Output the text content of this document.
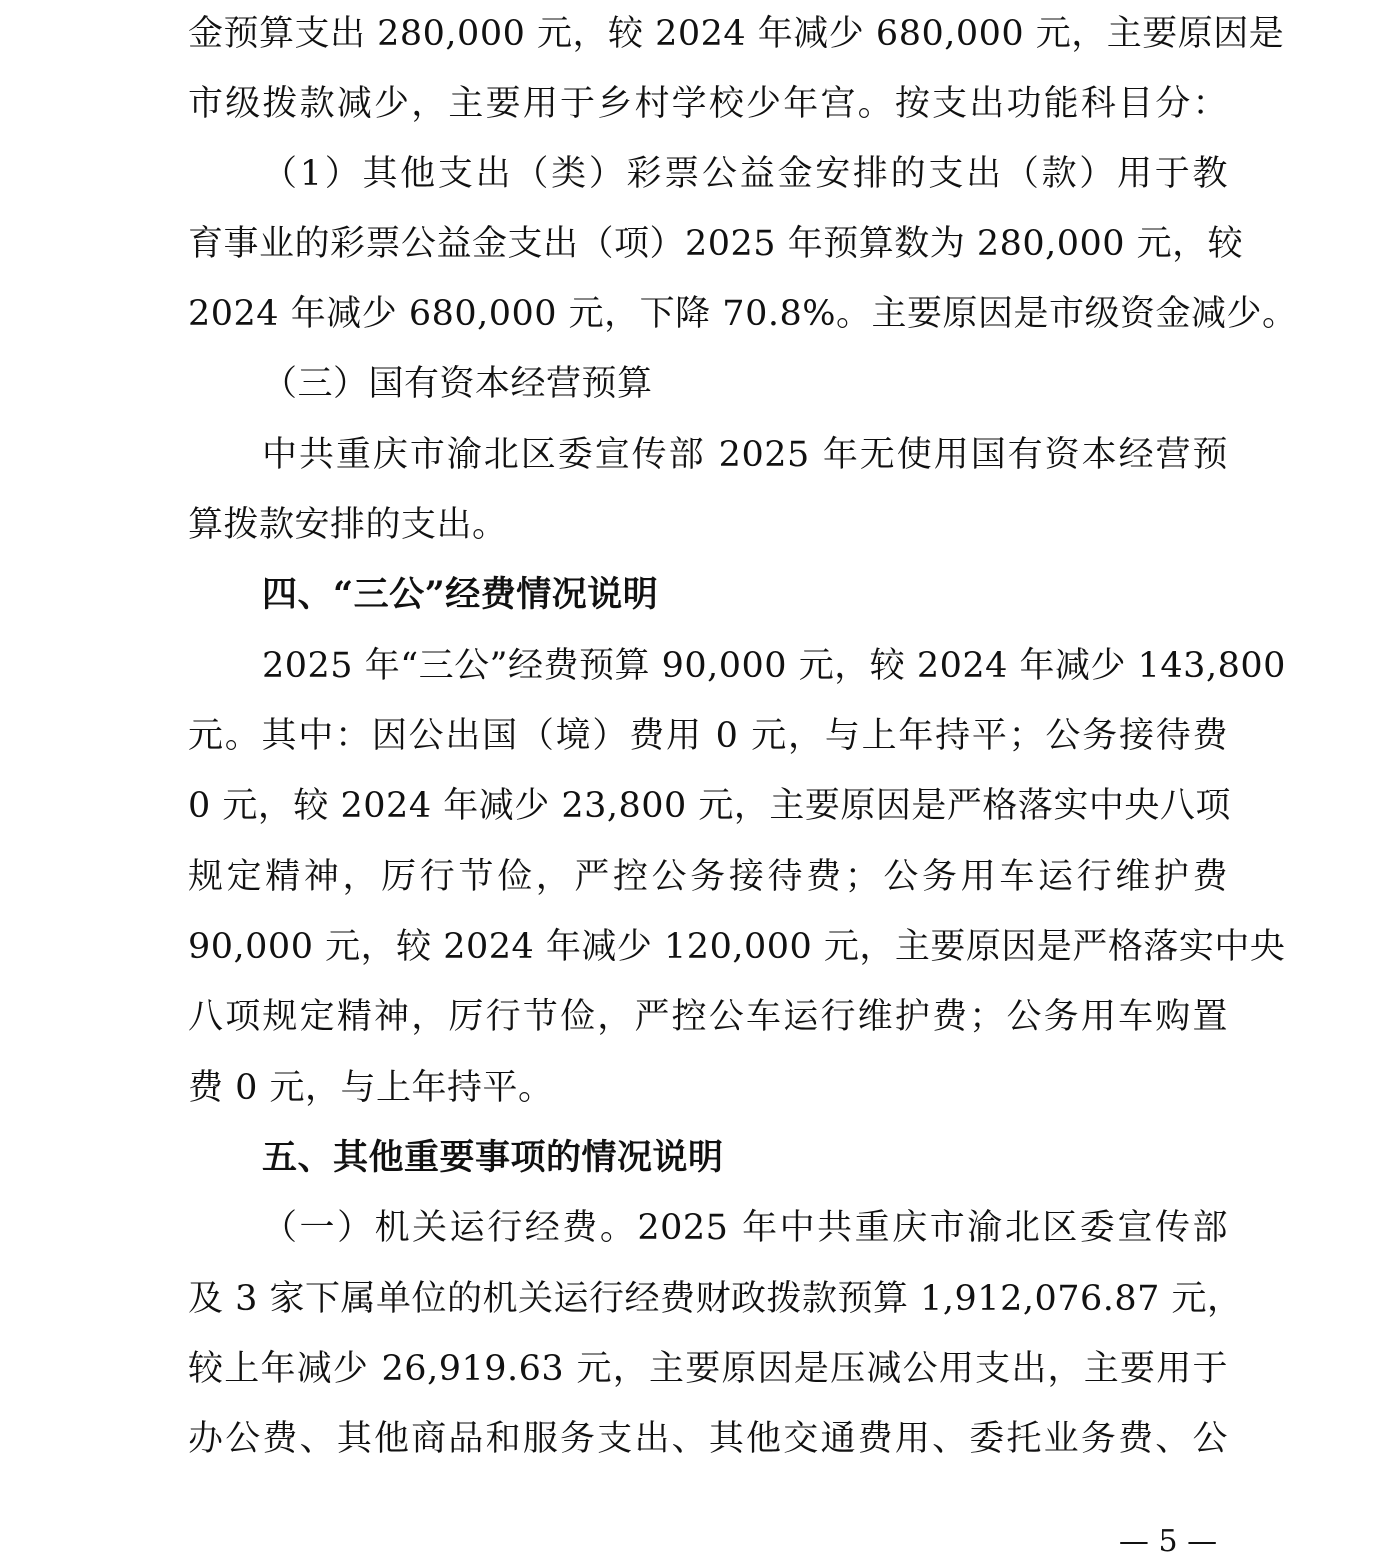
金预算支出 280,000 元，较 2024 年减少 680,000 元，主要原因是
市级拨款减少，主要用于乡村学校少年宫。按支出功能科目分：
（1）其他支出（类）彩票公益金安排的支出（款）用于教
育事业的彩票公益金支出（项）2025 年预算数为 280,000 元，较
2024 年减少 680,000 元，下降 70.8%。主要原因是市级资金减少。
（三）国有资本经营预算
中共重庆市渝北区委宣传部 2025 年无使用国有资本经营预
算拨款安排的支出。
四、“三公”经费情况说明
2025 年“三公”经费预算 90,000 元，较 2024 年减少 143,800
元。其中：因公出国（境）费用 0 元，与上年持平；公务接待费
0 元，较 2024 年减少 23,800 元，主要原因是严格落实中央八项
规定精神，厉行节俭，严控公务接待费；公务用车运行维护费
90,000 元，较 2024 年减少 120,000 元，主要原因是严格落实中央
八项规定精神，厉行节俭，严控公车运行维护费；公务用车购置
费 0 元，与上年持平。
五、其他重要事项的情况说明
（一）机关运行经费。2025 年中共重庆市渝北区委宣传部
及 3 家下属单位的机关运行经费财政拨款预算 1,912,076.87 元，
较上年减少 26,919.63 元，主要原因是压减公用支出，主要用于
办公费、其他商品和服务支出、其他交通费用、委托业务费、公
— 5 —
